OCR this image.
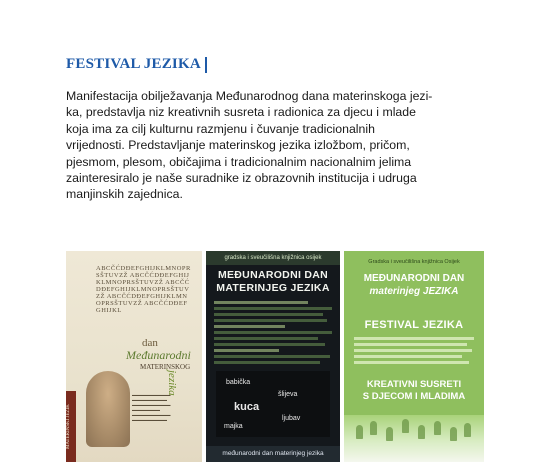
FESTIVAL JEZIKA
Manifestacija obilježavanja Međunarodnog dana materinskoga jezi-
ka, predstavlja niz kreativnih susreta i radionica za djecu i mlade
koja ima za cilj kulturnu razmjenu i čuvanje tradicionalnih
vrijednosti. Predstavljanje materinskog jezika izložbom, pričom,
pjesmom, plesom, običajima i tradicionalnim nacionalnim jelima
zainteresiralo je naše suradnike iz obrazovnih institucija i udruga
manjinskih zajednica.
ABCČĆDĐEFGHIJKLMNOPRSŠTUVZŽ ABCČĆDĐEFGHIJKLMNOPRSŠTUVZŽ ABCČĆDĐEFGHIJKLMNOPRSŠTUVZŽ ABCČĆDĐEFGHIJKLMNOPRSŠTUVZŽ ABCČĆDĐEFGHIJKL
dan
Međunarodni
MATERINSKOG
jezika
MATERINSKI JEZIK
▬▬▬▬▬▬▬▬▬▬▬ ▬▬▬▬▬▬▬▬▬▬ ▬▬▬▬▬▬▬▬▬▬▬ ▬▬▬▬▬▬▬▬ ▬▬▬▬▬▬▬▬▬▬▬ ▬▬▬▬▬▬▬▬▬▬
gradska i sveučilišna knjižnica osijek
MEĐUNARODNI DAN
MATERINJEG JEZIKA
babička
šlijeva
kuca
ljubav
majka
međunarodni dan materinjeg jezika
Gradska i sveučilišna knjižnica Osijek
MEĐUNARODNI DAN
materinjeg JEZIKA
FESTIVAL JEZIKA
KREATIVNI SUSRETI
S DJECOM I MLADIMA
